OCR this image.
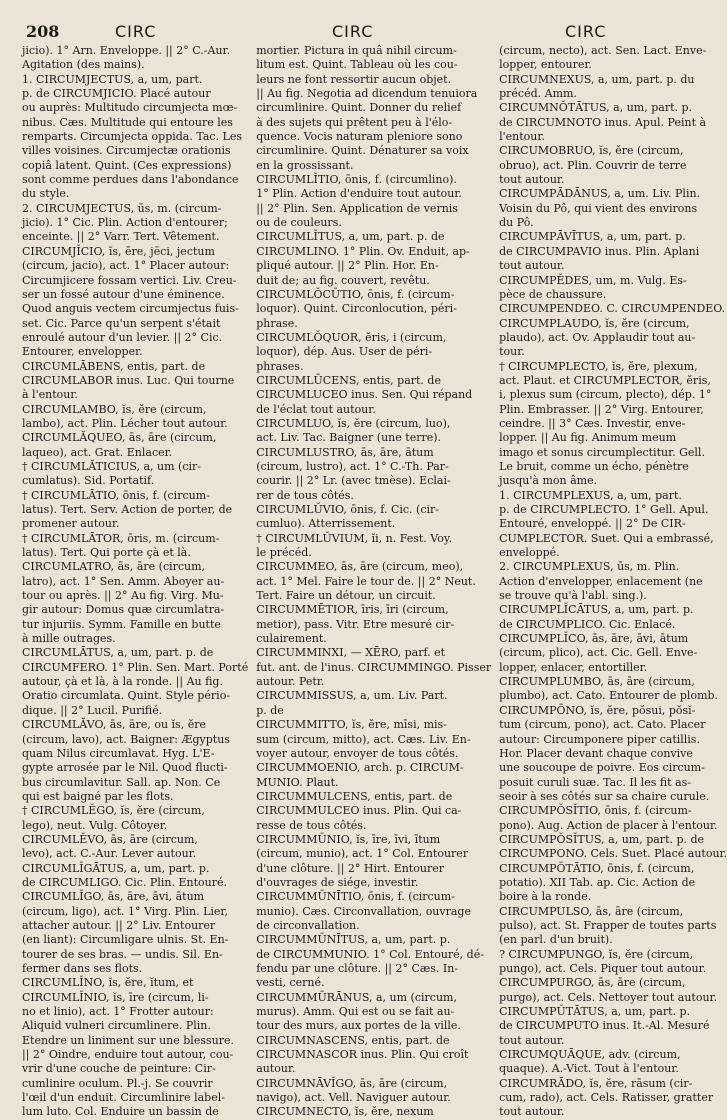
208	CIRC	CIRC	CIRC
jicio). 1° Arn. Enveloppe. || 2° C.-Aur.
Agitation (des mains).
1. CIRCUMJECTUS, a, um, part.
p. de CIRCUMJICIO. Placé autour
ou auprès: Multitudo circumjecta mœ-
nibus. Cæs. Multitude qui entoure les
remparts. Circumjecta oppida. Tac. Les
villes voisines. Circumjectæ orationis
copiâ latent. Quint. (Ces expressions)
sont comme perdues dans l'abondance
du style.
2. CIRCUMJECTUS, ūs, m. (circum-
jicio). 1° Cic. Plin. Action d'entourer;
enceinte. || 2° Varr. Tert. Vêtement.
CIRCUMJĬCIO, ĭs, ēre, jēci, jectum
(circum, jacio), act. 1° Placer autour:
Circumjicere fossam vertici. Liv. Creu-
ser un fossé autour d'une éminence.
Quod anguis vectem circumjectus fuis-
set. Cic. Parce qu'un serpent s'était
enroulé autour d'un levier. || 2° Cic.
Entourer, envelopper.
CIRCUMLĀBENS, entis, part. de
CIRCUMLABOR inus. Luc. Qui tourne
à l'entour.
CIRCUMLAMBO, ĭs, ĕre (circum,
lambo), act. Plin. Lécher tout autour.
CIRCUMLĂQUEO, ās, āre (circum,
laqueo), act. Grat. Enlacer.
† CIRCUMLĂTICIUS, a, um (cir-
cumlatus). Sid. Portatif.
† CIRCUMLĀTIO, ōnis, f. (circum-
latus). Tert. Serv. Action de porter, de
promener autour.
† CIRCUMLĀTOR, ōris, m. (circum-
latus). Tert. Qui porte çà et là.
CIRCUMLATRO, ās, āre (circum,
latro), act. 1° Sen. Amm. Aboyer au-
tour ou après. || 2° Au fig. Virg. Mu-
gir autour: Domus quæ circumlatra-
tur injuriis. Symm. Famille en butte
à mille outrages.
CIRCUMLĀTUS, a, um, part. p. de
CIRCUMFERO. 1° Plin. Sen. Mart. Porté
autour, çà et là, à la ronde. || Au fig.
Oratio circumlata. Quint. Style pério-
dique. || 2° Lucil. Purifié.
CIRCUMLĂVO, ās, āre, ou ĭs, ĕre
(circum, lavo), act. Baigner: Ægyptus
quam Nilus circumlavat. Hyg. L'E-
gypte arrosée par le Nil. Quod flucti-
bus circumlavitur. Sall. ap. Non. Ce
qui est baigné par les flots.
† CIRCUMLĔGO, ĭs, ĕre (circum,
lego), neut. Vulg. Côtoyer.
CIRCUMLĔVO, ās, āre (circum,
levo), act. C.-Aur. Lever autour.
CIRCUMLĬGĀTUS, a, um, part. p.
de CIRCUMLIGO. Cic. Plin. Entouré.
CIRCUMLĬGO, ās, āre, āvi, ātum
(circum, ligo), act. 1° Virg. Plin. Lier,
attacher autour. || 2° Liv. Entourer
(en liant): Circumligare ulnis. St. En-
tourer de ses bras. — undis. Sil. En-
fermer dans ses flots.
CIRCUMLĬNO, ĭs, ĕre, ĭtum, et
CIRCUMLĬNIO, ĭs, īre (circum, li-
no et linio), act. 1° Frotter autour:
Aliquid vulneri circumlinere. Plin.
Etendre un liniment sur une blessure.
|| 2° Oindre, enduire tout autour, cou-
vrir d'une couche de peinture: Cir-
cumlinire oculum. Pl.-j. Se couvrir
l'œil d'un enduit. Circumlinire label-
lum luto. Col. Enduire un bassin de
mortier. Pictura in quâ nihil circum-
litum est. Quint. Tableau où les cou-
leurs ne font ressortir aucun objet.
|| Au fig. Negotia ad dicendum tenuiora
circumlinire. Quint. Donner du relief
à des sujets qui prêtent peu à l'élo-
quence. Vocis naturam pleniore sono
circumlinire. Quint. Dénaturer sa voix
en la grossissant.
CIRCUMLĬTIO, ōnis, f. (circumlino).
1° Plin. Action d'enduire tout autour.
|| 2° Plin. Sen. Application de vernis
ou de couleurs.
CIRCUMLĬTUS, a, um, part. p. de
CIRCUMLINO. 1° Plin. Ov. Enduit, ap-
pliqué autour. || 2° Plin. Hor. En-
duit de; au fig. couvert, revêtu.
CIRCUMLŎCŪTIO, ōnis, f. (circum-
loquor). Quint. Circonlocution, péri-
phrase.
CIRCUMLŎQUOR, ĕris, i (circum,
loquor), dép. Aus. User de péri-
phrases.
CIRCUMLŪCENS, entis, part. de
CIRCUMLUCEO inus. Sen. Qui répand
de l'éclat tout autour.
CIRCUMLUO, ĭs, ĕre (circum, luo),
act. Liv. Tac. Baigner (une terre).
CIRCUMLUSTRO, ās, āre, ātum
(circum, lustro), act. 1° C.-Th. Par-
courir. || 2° Lr. (avec tmèse). Eclai-
rer de tous côtés.
CIRCUMLŬVIO, ōnis, f. Cic. (cir-
cumluo). Atterrissement.
† CIRCUMLŬVIUM, ĭi, n. Fest. Voy.
le précéd.
CIRCUMMEO, ās, āre (circum, meo),
act. 1° Mel. Faire le tour de. || 2° Neut.
Tert. Faire un détour, un circuit.
CIRCUMMĒTIOR, īris, īri (circum,
metior), pass. Vitr. Etre mesuré cir-
culairement.
CIRCUMMINXI, — XĒRO, parf. et
fut. ant. de l'inus. CIRCUMMINGO. Pisser
autour. Petr.
CIRCUMMISSUS, a, um. Liv. Part.
p. de
CIRCUMMITTO, ĭs, ĕre, mīsi, mis-
sum (circum, mitto), act. Cæs. Liv. En-
voyer autour, envoyer de tous côtés.
CIRCUMMOENIO, arch. p. CIRCUM-
MUNIO. Plaut.
CIRCUMMULCENS, entis, part. de
CIRCUMMULCEO inus. Plin. Qui ca-
resse de tous côtés.
CIRCUMMŪNIO, ĭs, īre, īvi, ītum
(circum, munio), act. 1° Col. Entourer
d'une clôture. || 2° Hirt. Entourer
d'ouvrages de siége, investir.
CIRCUMMŪNĪTIO, ōnis, f. (circum-
munio). Cæs. Circonvallation, ouvrage
de circonvallation.
CIRCUMMŪNĪTUS, a, um, part. p.
de CIRCUMMUNIO. 1° Col. Entouré, dé-
fendu par une clôture. || 2° Cæs. In-
vesti, cerné.
CIRCUMMŪRĀNUS, a, um (circum,
murus). Amm. Qui est ou se fait au-
tour des murs, aux portes de la ville.
CIRCUMNASCENS, entis, part. de
CIRCUMNASCOR inus. Plin. Qui croît
autour.
CIRCUMNĀVĬGO, ās, āre (circum,
navigo), act. Vell. Naviguer autour.
CIRCUMNECTO, ĭs, ĕre, nexum
(circum, necto), act. Sen. Lact. Enve-
lopper, entourer.
CIRCUMNEXUS, a, um, part. p. du
précéd. Amm.
CIRCUMNŎTĀTUS, a, um, part. p.
de CIRCUMNOTO inus. Apul. Peint à
l'entour.
CIRCUMOBRUO, ĭs, ĕre (circum,
obruo), act. Plin. Couvrir de terre
tout autour.
CIRCUMPĀDĀNUS, a, um. Liv. Plin.
Voisin du Pô, qui vient des environs
du Pô.
CIRCUMPĀVĪTUS, a, um, part. p.
de CIRCUMPAVIO inus. Plin. Aplani
tout autour.
CIRCUMPĔDES, um, m. Vulg. Es-
pèce de chaussure.
CIRCUMPENDEO. C. CIRCUMPENDEO.
CIRCUMPLAUDO, ĭs, ĕre (circum,
plaudo), act. Ov. Applaudir tout au-
tour.
† CIRCUMPLECTO, ĭs, ĕre, plexum,
act. Plaut. et CIRCUMPLECTOR, ĕris,
i, plexus sum (circum, plecto), dép. 1°
Plin. Embrasser. || 2° Virg. Entourer,
ceindre. || 3° Cæs. Investir, enve-
lopper. || Au fig. Animum meum
imago et sonus circumplectitur. Gell.
Le bruit, comme un écho, pénètre
jusqu'à mon âme.
1. CIRCUMPLEXUS, a, um, part.
p. de CIRCUMPLECTO. 1° Gell. Apul.
Entouré, enveloppé. || 2° De CIR-
CUMPLECTOR. Suet. Qui a embrassé,
enveloppé.
2. CIRCUMPLEXUS, ūs, m. Plin.
Action d'envelopper, enlacement (ne
se trouve qu'à l'abl. sing.).
CIRCUMPLĬCĀTUS, a, um, part. p.
de CIRCUMPLICO. Cic. Enlacé.
CIRCUMPLĬCO, ās, āre, āvi, ātum
(circum, plico), act. Cic. Gell. Enve-
lopper, enlacer, entortiller.
CIRCUMPLUMBO, ās, āre (circum,
plumbo), act. Cato. Entourer de plomb.
CIRCUMPŌNO, ĭs, ĕre, pŏsui, pŏsĭ-
tum (circum, pono), act. Cato. Placer
autour: Circumponere piper catillis.
Hor. Placer devant chaque convive
une soucoupe de poivre. Eos circum-
posuit curuli suæ. Tac. Il les fit as-
seoir à ses côtés sur sa chaire curule.
CIRCUMPŎSĬTIO, ōnis, f. (circum-
pono). Aug. Action de placer à l'entour.
CIRCUMPŎSĬTUS, a, um, part. p. de
CIRCUMPONO. Cels. Suet. Placé autour.
CIRCUMPŌTĀTIO, ōnis, f. (circum,
potatio). XII Tab. ap. Cic. Action de
boire à la ronde.
CIRCUMPULSO, ās, āre (circum,
pulso), act. St. Frapper de toutes parts
(en parl. d'un bruit).
? CIRCUMPUNGO, ĭs, ĕre (circum,
pungo), act. Cels. Piquer tout autour.
CIRCUMPURGO, ās, āre (circum,
purgo), act. Cels. Nettoyer tout autour.
CIRCUMPŬTĀTUS, a, um, part. p.
de CIRCUMPUTO inus. It.-Al. Mesuré
tout autour.
CIRCUMQUĀQUE, adv. (circum,
quaque). A.-Vict. Tout à l'entour.
CIRCUMRĀDO, ĭs, ĕre, rāsum (cir-
cum, rado), act. Cels. Ratisser, gratter
tout autour.
